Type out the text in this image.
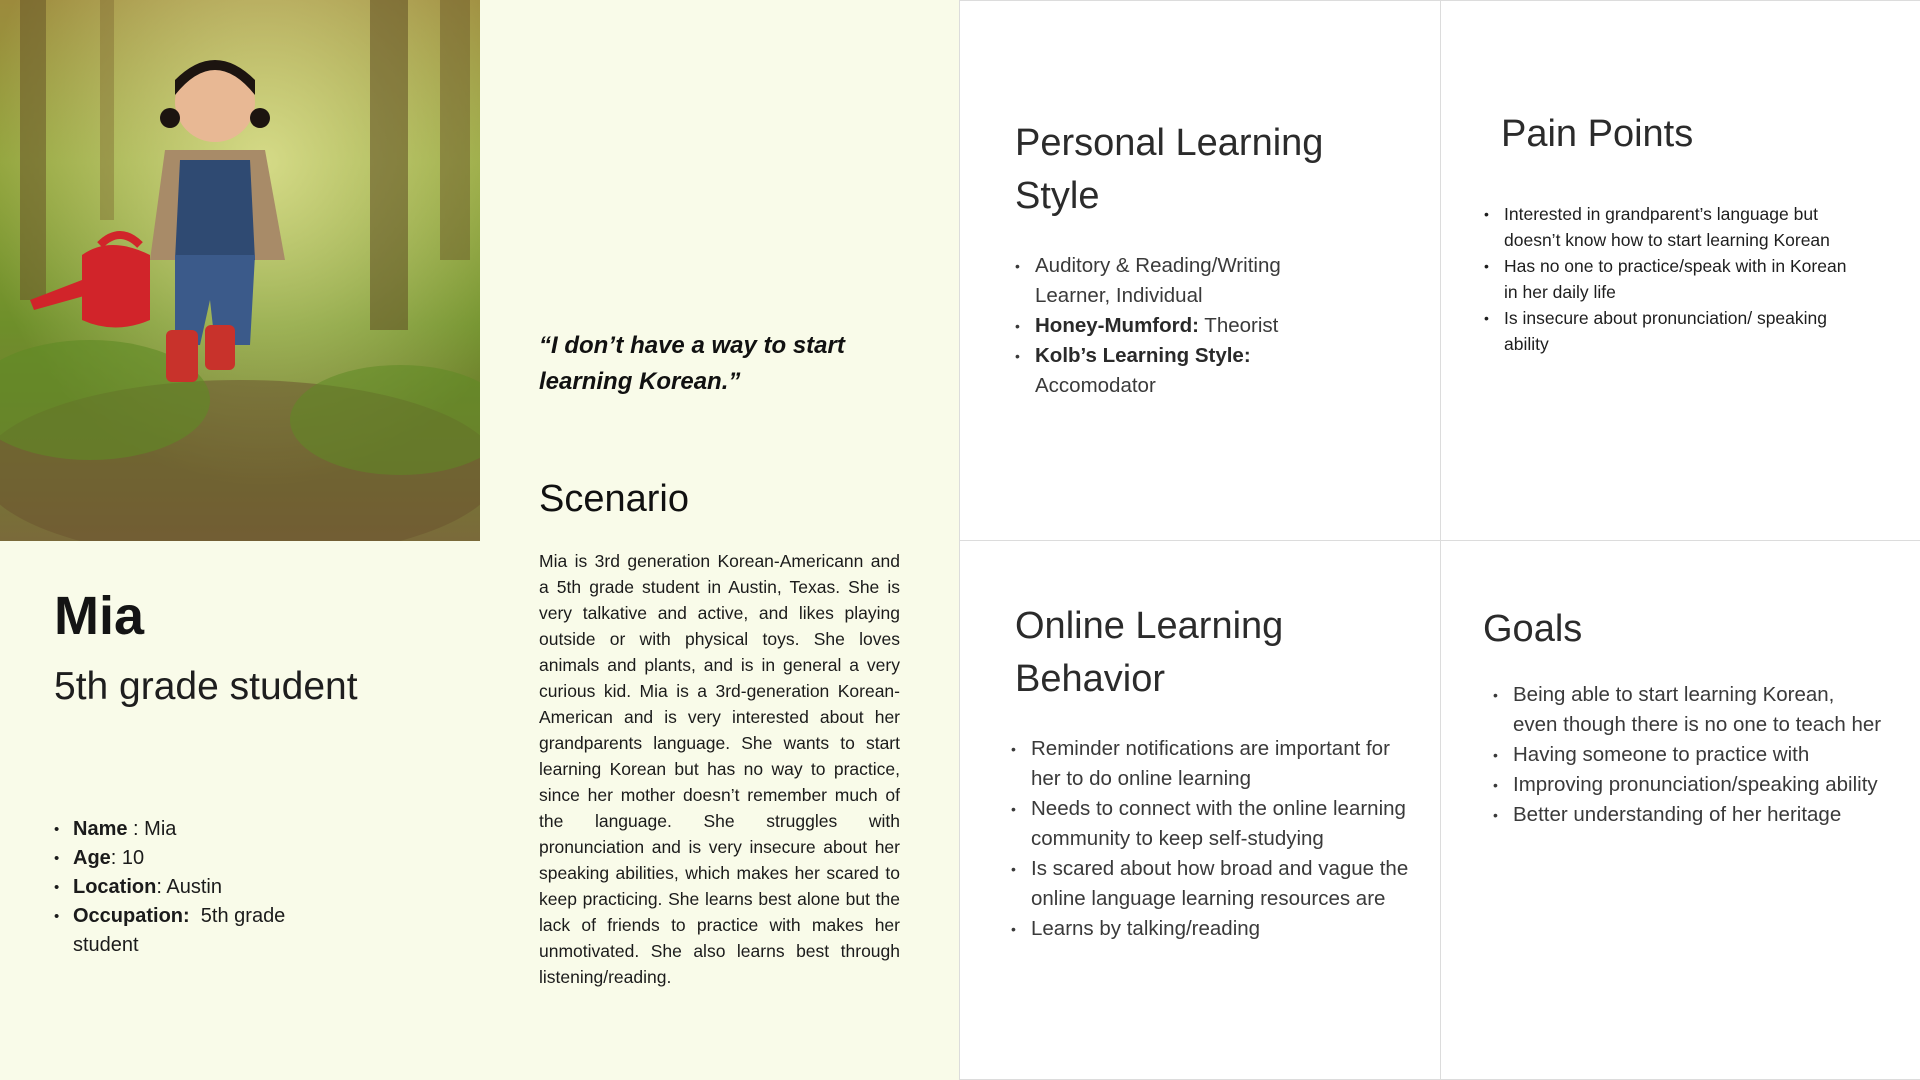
Mia

5th grade student

• Name : Mia
• Age: 10
• Location: Austin
• Occupation: 5th grade student

“I don’t have a way to start learning Korean.”

Scenario

Mia is 3rd generation Korean-Americann and a 5th grade student in Austin, Texas. She is very talkative and active, and likes playing outside or with physical toys. She loves animals and plants, and is in general a very curious kid. Mia is a 3rd-generation Korean-American and is very interested about her grandparents language. She wants to start learning Korean but has no way to practice, since her mother doesn’t remember much of the language. She struggles with pronunciation and is very insecure about her speaking abilities, which makes her scared to keep practicing. She learns best alone but the lack of friends to practice with makes her unmotivated. She also learns best through listening/reading.

Personal Learning Style
• Auditory & Reading/Writing Learner, Individual
• Honey-Mumford: Theorist
• Kolb’s Learning Style:
Accomodator
Pain Points
• Interested in grandparent’s language but doesn’t know how to start learning Korean
• Has no one to practice/speak with in Korean in her daily life
• Is insecure about pronunciation/ speaking ability
Online Learning Behavior
• Reminder notifications are important for her to do online learning
• Needs to connect with the online learning community to keep self-studying
• Is scared about how broad and vague the online language learning resources are
• Learns by talking/reading
Goals
• Being able to start learning Korean, even though there is no one to teach her
• Having someone to practice with
• Improving pronunciation/speaking ability
• Better understanding of her heritage
